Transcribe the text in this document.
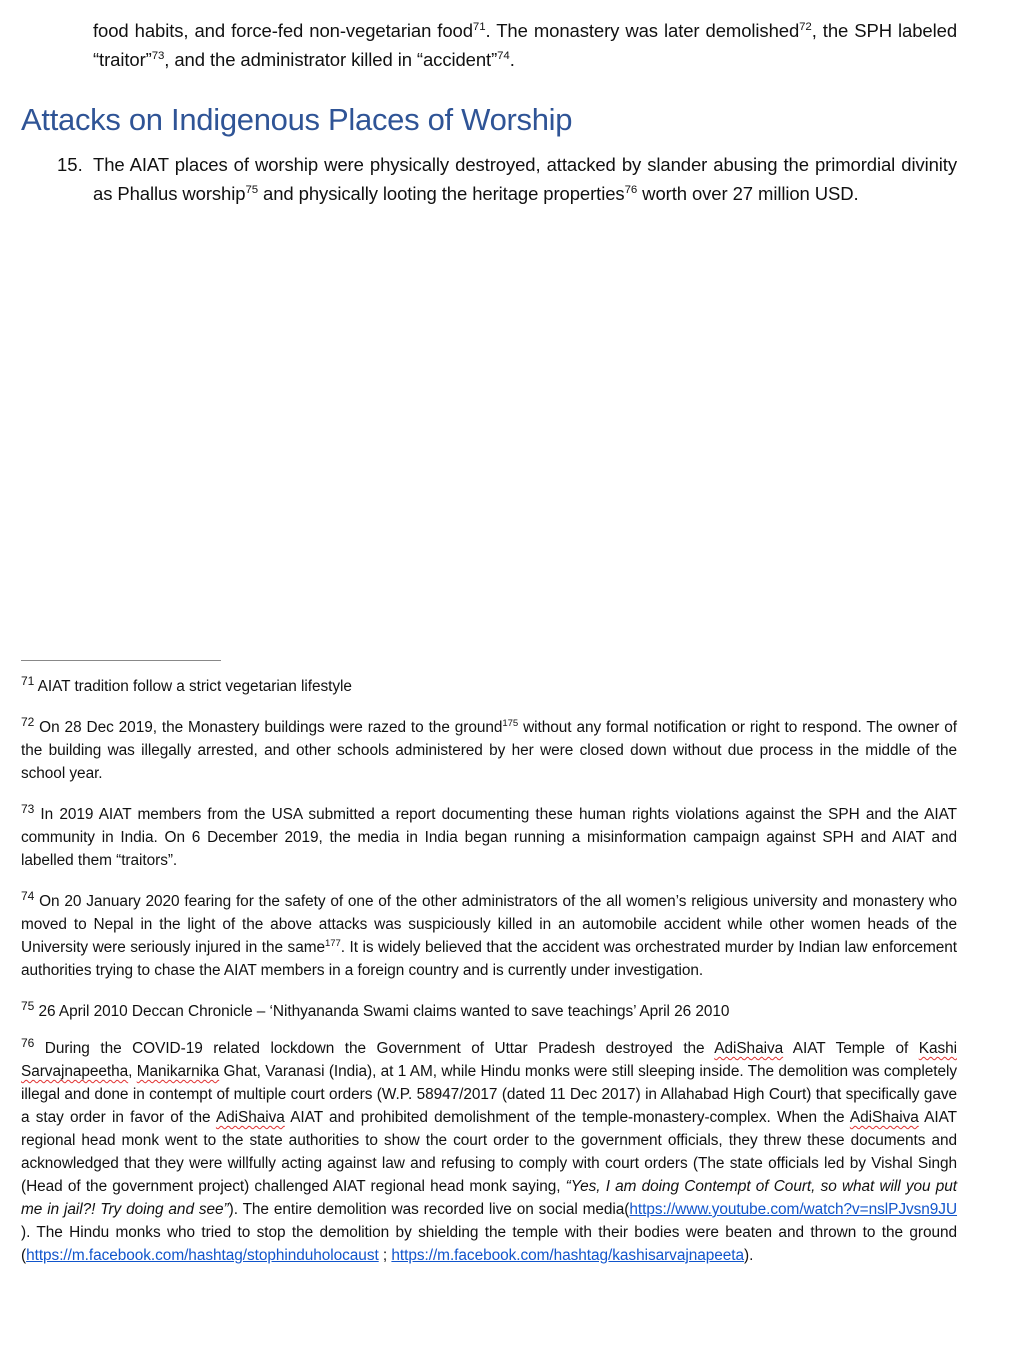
food habits, and force-fed non-vegetarian food$^{71}$. The monastery was later demolished$^{72}$, the SPH labeled “traitor”$^{73}$, and the administrator killed in “accident”$^{74}$.

Attacks on Indigenous Places of Worship
15. The AIAT places of worship were physically destroyed, attacked by slander abusing the primordial divinity as Phallus worship$^{75}$ and physically looting the heritage properties$^{76}$ worth over 27 million USD.

$^{71}$ AIAT tradition follow a strict vegetarian lifestyle

$^{72}$ On 28 Dec 2019, the Monastery buildings were razed to the ground$^{175}$ without any formal notification or right to respond. The owner of the building was illegally arrested, and other schools administered by her were closed down without due process in the middle of the school year.

$^{73}$ In 2019 AIAT members from the USA submitted a report documenting these human rights violations against the SPH and the AIAT community in India. On 6 December 2019, the media in India began running a misinformation campaign against SPH and AIAT and labelled them “traitors”.

$^{74}$ On 20 January 2020 fearing for the safety of one of the other administrators of the all women’s religious university and monastery who moved to Nepal in the light of the above attacks was suspiciously killed in an automobile accident while other women heads of the University were seriously injured in the same$^{177}$. It is widely believed that the accident was orchestrated murder by Indian law enforcement authorities trying to chase the AIAT members in a foreign country and is currently under investigation.

$^{75}$ 26 April 2010 Deccan Chronicle – ‘Nithyananda Swami claims wanted to save teachings’ April 26 2010

$^{76}$ During the COVID-19 related lockdown the Government of Uttar Pradesh destroyed the AdiShaiva AIAT Temple of Kashi Sarvajnapeetha, Manikarnika Ghat, Varanasi (India), at 1 AM, while Hindu monks were still sleeping inside. The demolition was completely illegal and done in contempt of multiple court orders (W.P. 58947/2017 (dated 11 Dec 2017) in Allahabad High Court) that specifically gave a stay order in favor of the AdiShaiva AIAT and prohibited demolishment of the temple-monastery-complex. When the AdiShaiva AIAT regional head monk went to the state authorities to show the court order to the government officials, they threw these documents and acknowledged that they were willfully acting against law and refusing to comply with court orders (The state officials led by Vishal Singh (Head of the government project) challenged AIAT regional head monk saying, “Yes, I am doing Contempt of Court, so what will you put me in jail?! Try doing and see”). The entire demolition was recorded live on social media(https://www.youtube.com/watch?v=nslPJvsn9JU ). The Hindu monks who tried to stop the demolition by shielding the temple with their bodies were beaten and thrown to the ground (https://m.facebook.com/hashtag/stophinduholocaust ; https://m.facebook.com/hashtag/kashisarvajnapeeta).
